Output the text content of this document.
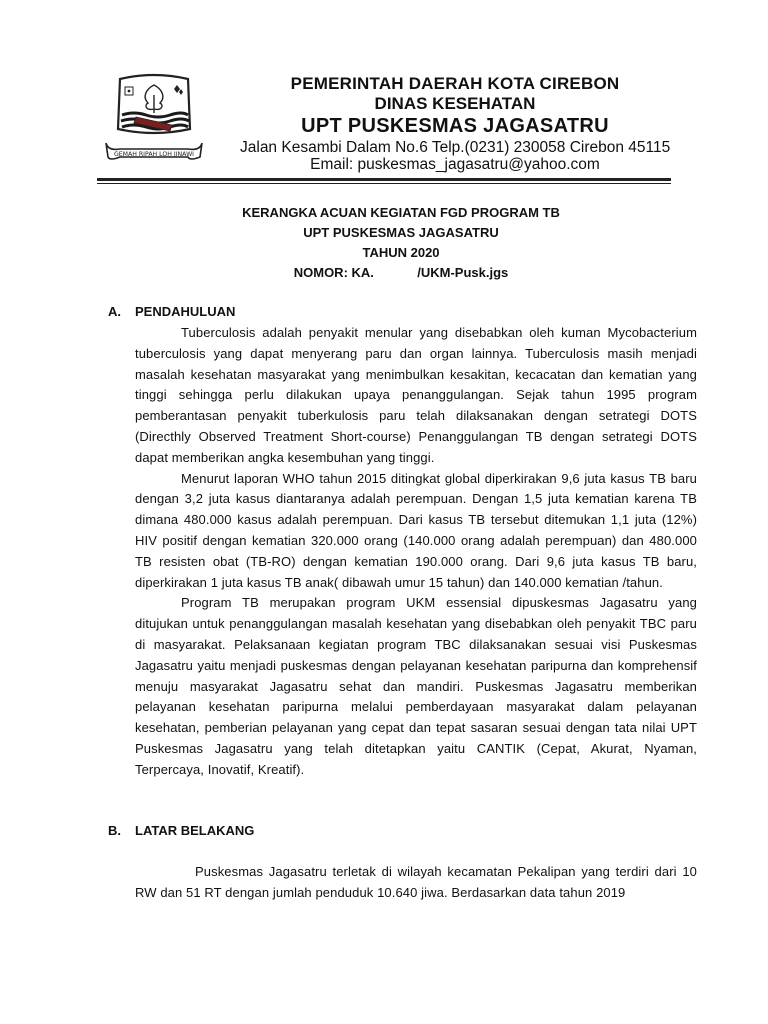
GEMAH RIPAH LOH JINAWI
PEMERINTAH DAERAH KOTA CIREBON
DINAS KESEHATAN
UPT PUSKESMAS JAGASATRU
Jalan Kesambi Dalam No.6 Telp.(0231) 230058 Cirebon 45115
Email: puskesmas_jagasatru@yahoo.com
KERANGKA ACUAN KEGIATAN FGD PROGRAM TB
UPT PUSKESMAS JAGASATRU
TAHUN 2020
NOMOR: KA.            /UKM-Pusk.jgs
A. PENDAHULUAN

Tuberculosis adalah penyakit menular yang disebabkan oleh kuman Mycobacterium tuberculosis yang dapat menyerang paru dan organ lainnya. Tuberculosis masih menjadi masalah kesehatan masyarakat yang menimbulkan kesakitan, kecacatan dan kematian yang tinggi sehingga perlu dilakukan upaya penanggulangan. Sejak tahun 1995 program pemberantasan penyakit tuberkulosis paru telah dilaksanakan dengan setrategi DOTS (Directhly Observed Treatment Short-course) Penanggulangan TB dengan setrategi DOTS dapat memberikan angka kesembuhan yang tinggi.

Menurut laporan WHO tahun 2015 ditingkat global diperkirakan 9,6 juta kasus TB baru dengan 3,2 juta kasus diantaranya adalah perempuan. Dengan 1,5 juta kematian karena TB dimana 480.000 kasus adalah perempuan. Dari kasus TB tersebut ditemukan 1,1 juta (12%) HIV positif dengan kematian 320.000 orang (140.000 orang adalah perempuan) dan 480.000 TB resisten obat (TB-RO) dengan kematian 190.000 orang. Dari 9,6 juta kasus TB baru, diperkirakan 1 juta kasus TB anak( dibawah umur 15 tahun) dan 140.000 kematian /tahun.

Program TB merupakan program UKM essensial dipuskesmas Jagasatru yang ditujukan untuk penanggulangan masalah kesehatan yang disebabkan oleh penyakit TBC paru di masyarakat. Pelaksanaan kegiatan program TBC dilaksanakan sesuai visi Puskesmas Jagasatru yaitu menjadi puskesmas dengan pelayanan kesehatan paripurna dan komprehensif menuju masyarakat Jagasatru sehat dan mandiri. Puskesmas Jagasatru memberikan pelayanan kesehatan paripurna melalui pemberdayaan masyarakat dalam pelayanan kesehatan, pemberian pelayanan yang cepat dan tepat sasaran sesuai dengan tata nilai UPT Puskesmas Jagasatru yang telah ditetapkan yaitu CANTIK (Cepat, Akurat, Nyaman, Terpercaya, Inovatif, Kreatif).

B. LATAR BELAKANG

Puskesmas Jagasatru terletak di wilayah kecamatan Pekalipan yang terdiri dari 10 RW dan 51 RT dengan jumlah penduduk 10.640 jiwa. Berdasarkan data tahun 2019
